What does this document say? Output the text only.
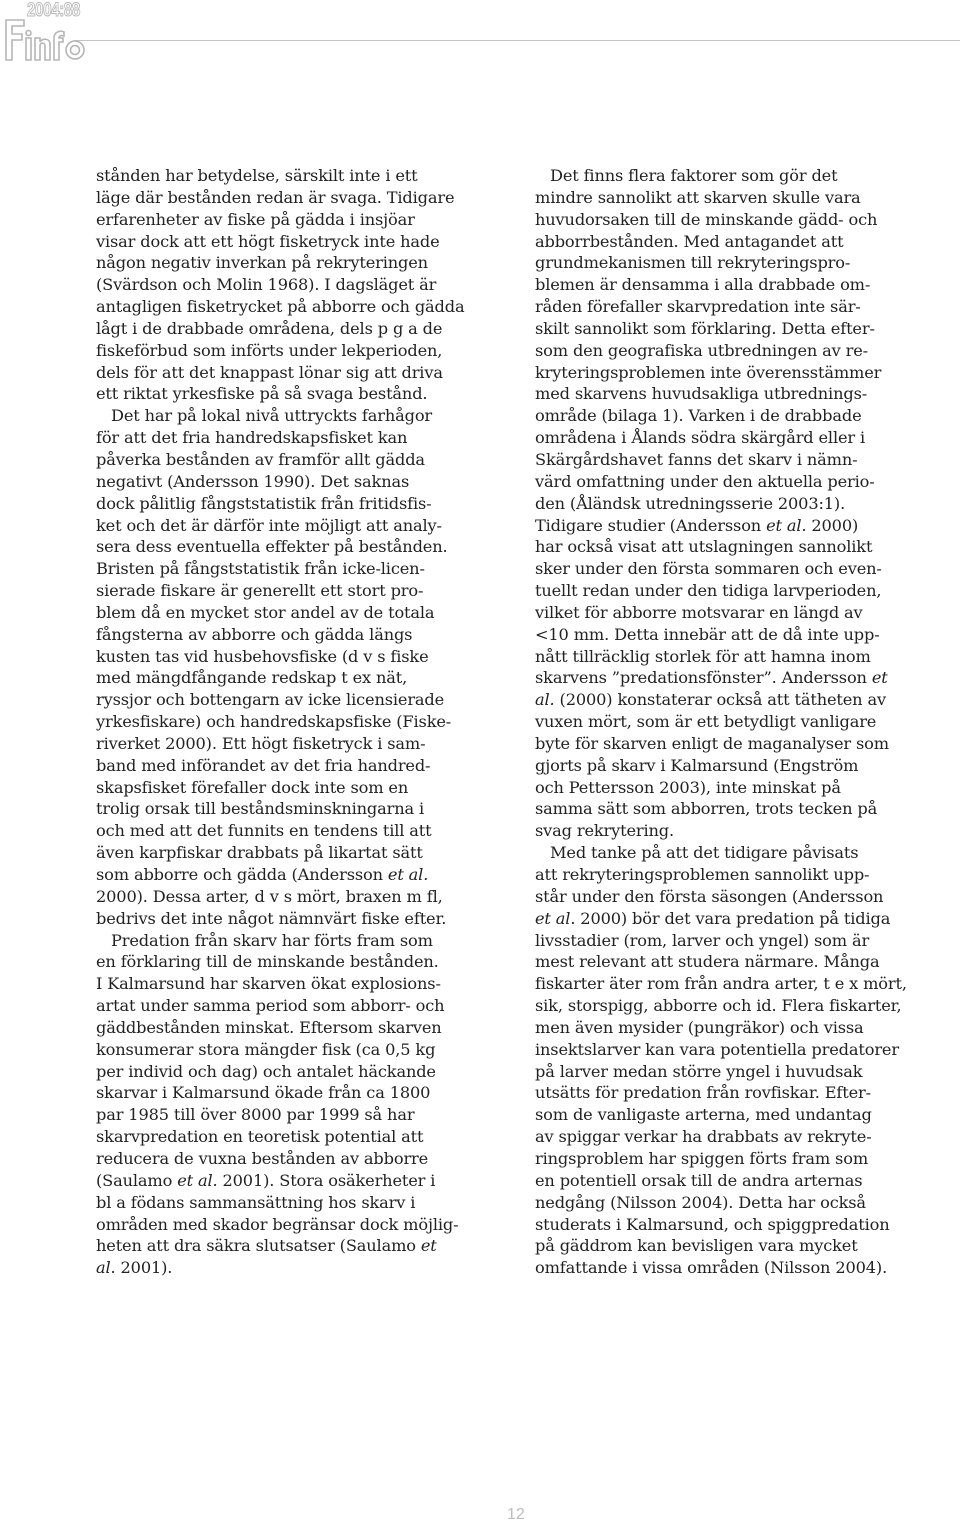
2004:88
stånden har betydelse, särskilt inte i ett
läge där bestånden redan är svaga. Tidigare
erfarenheter av fiske på gädda i insjöar
visar dock att ett högt fisketryck inte hade
någon negativ inverkan på rekryteringen
(Svärdson och Molin 1968). I dagsläget är
antagligen fisketrycket på abborre och gädda
lågt i de drabbade områdena, dels p g a de
fiskeförbud som införts under lekperioden,
dels för att det knappast lönar sig att driva
ett riktat yrkesfiske på så svaga bestånd.
Det har på lokal nivå uttryckts farhågor
för att det fria handredskapsfisket kan
påverka bestånden av framför allt gädda
negativt (Andersson 1990). Det saknas
dock pålitlig fångststatistik från fritidsfis-
ket och det är därför inte möjligt att analy-
sera dess eventuella effekter på bestånden.
Bristen på fångststatistik från icke-licen-
sierade fiskare är generellt ett stort pro-
blem då en mycket stor andel av de totala
fångsterna av abborre och gädda längs
kusten tas vid husbehovsfiske (d v s fiske
med mängdfångande redskap t ex nät,
ryssjor och bottengarn av icke licensierade
yrkesfiskare) och handredskapsfiske (Fiske-
riverket 2000). Ett högt fisketryck i sam-
band med införandet av det fria handred-
skapsfisket förefaller dock inte som en
trolig orsak till beståndsminskningarna i
och med att det funnits en tendens till att
även karpfiskar drabbats på likartat sätt
som abborre och gädda (Andersson et al.
2000). Dessa arter, d v s mört, braxen m fl,
bedrivs det inte något nämnvärt fiske efter.
Predation från skarv har förts fram som
en förklaring till de minskande bestånden.
I Kalmarsund har skarven ökat explosions-
artat under samma period som abborr- och
gäddbestånden minskat. Eftersom skarven
konsumerar stora mängder fisk (ca 0,5 kg
per individ och dag) och antalet häckande
skarvar i Kalmarsund ökade från ca 1800
par 1985 till över 8000 par 1999 så har
skarvpredation en teoretisk potential att
reducera de vuxna bestånden av abborre
(Saulamo et al. 2001). Stora osäkerheter i
bl a födans sammansättning hos skarv i
områden med skador begränsar dock möjlig-
heten att dra säkra slutsatser (Saulamo et
al. 2001).
Det finns flera faktorer som gör det
mindre sannolikt att skarven skulle vara
huvudorsaken till de minskande gädd- och
abborrbestånden. Med antagandet att
grundmekanismen till rekryteringspro-
blemen är densamma i alla drabbade om-
råden förefaller skarvpredation inte sär-
skilt sannolikt som förklaring. Detta efter-
som den geografiska utbredningen av re-
kryteringsproblemen inte överensstämmer
med skarvens huvudsakliga utbrednings-
område (bilaga 1). Varken i de drabbade
områdena i Ålands södra skärgård eller i
Skärgårdshavet fanns det skarv i nämn-
värd omfattning under den aktuella perio-
den (Åländsk utredningsserie 2003:1).
Tidigare studier (Andersson et al. 2000)
har också visat att utslagningen sannolikt
sker under den första sommaren och even-
tuellt redan under den tidiga larvperioden,
vilket för abborre motsvarar en längd av
<10 mm. Detta innebär att de då inte upp-
nått tillräcklig storlek för att hamna inom
skarvens ”predationsfönster”. Andersson et
al. (2000) konstaterar också att tätheten av
vuxen mört, som är ett betydligt vanligare
byte för skarven enligt de maganalyser som
gjorts på skarv i Kalmarsund (Engström
och Pettersson 2003), inte minskat på
samma sätt som abborren, trots tecken på
svag rekrytering.
Med tanke på att det tidigare påvisats
att rekryteringsproblemen sannolikt upp-
står under den första säsongen (Andersson
et al. 2000) bör det vara predation på tidiga
livsstadier (rom, larver och yngel) som är
mest relevant att studera närmare. Många
fiskarter äter rom från andra arter, t e x mört,
sik, storspigg, abborre och id. Flera fiskarter,
men även mysider (pungräkor) och vissa
insektslarver kan vara potentiella predatorer
på larver medan större yngel i huvudsak
utsätts för predation från rovfiskar. Efter-
som de vanligaste arterna, med undantag
av spiggar verkar ha drabbats av rekryte-
ringsproblem har spiggen förts fram som
en potentiell orsak till de andra arternas
nedgång (Nilsson 2004). Detta har också
studerats i Kalmarsund, och spiggpredation
på gäddrom kan bevisligen vara mycket
omfattande i vissa områden (Nilsson 2004).
12
